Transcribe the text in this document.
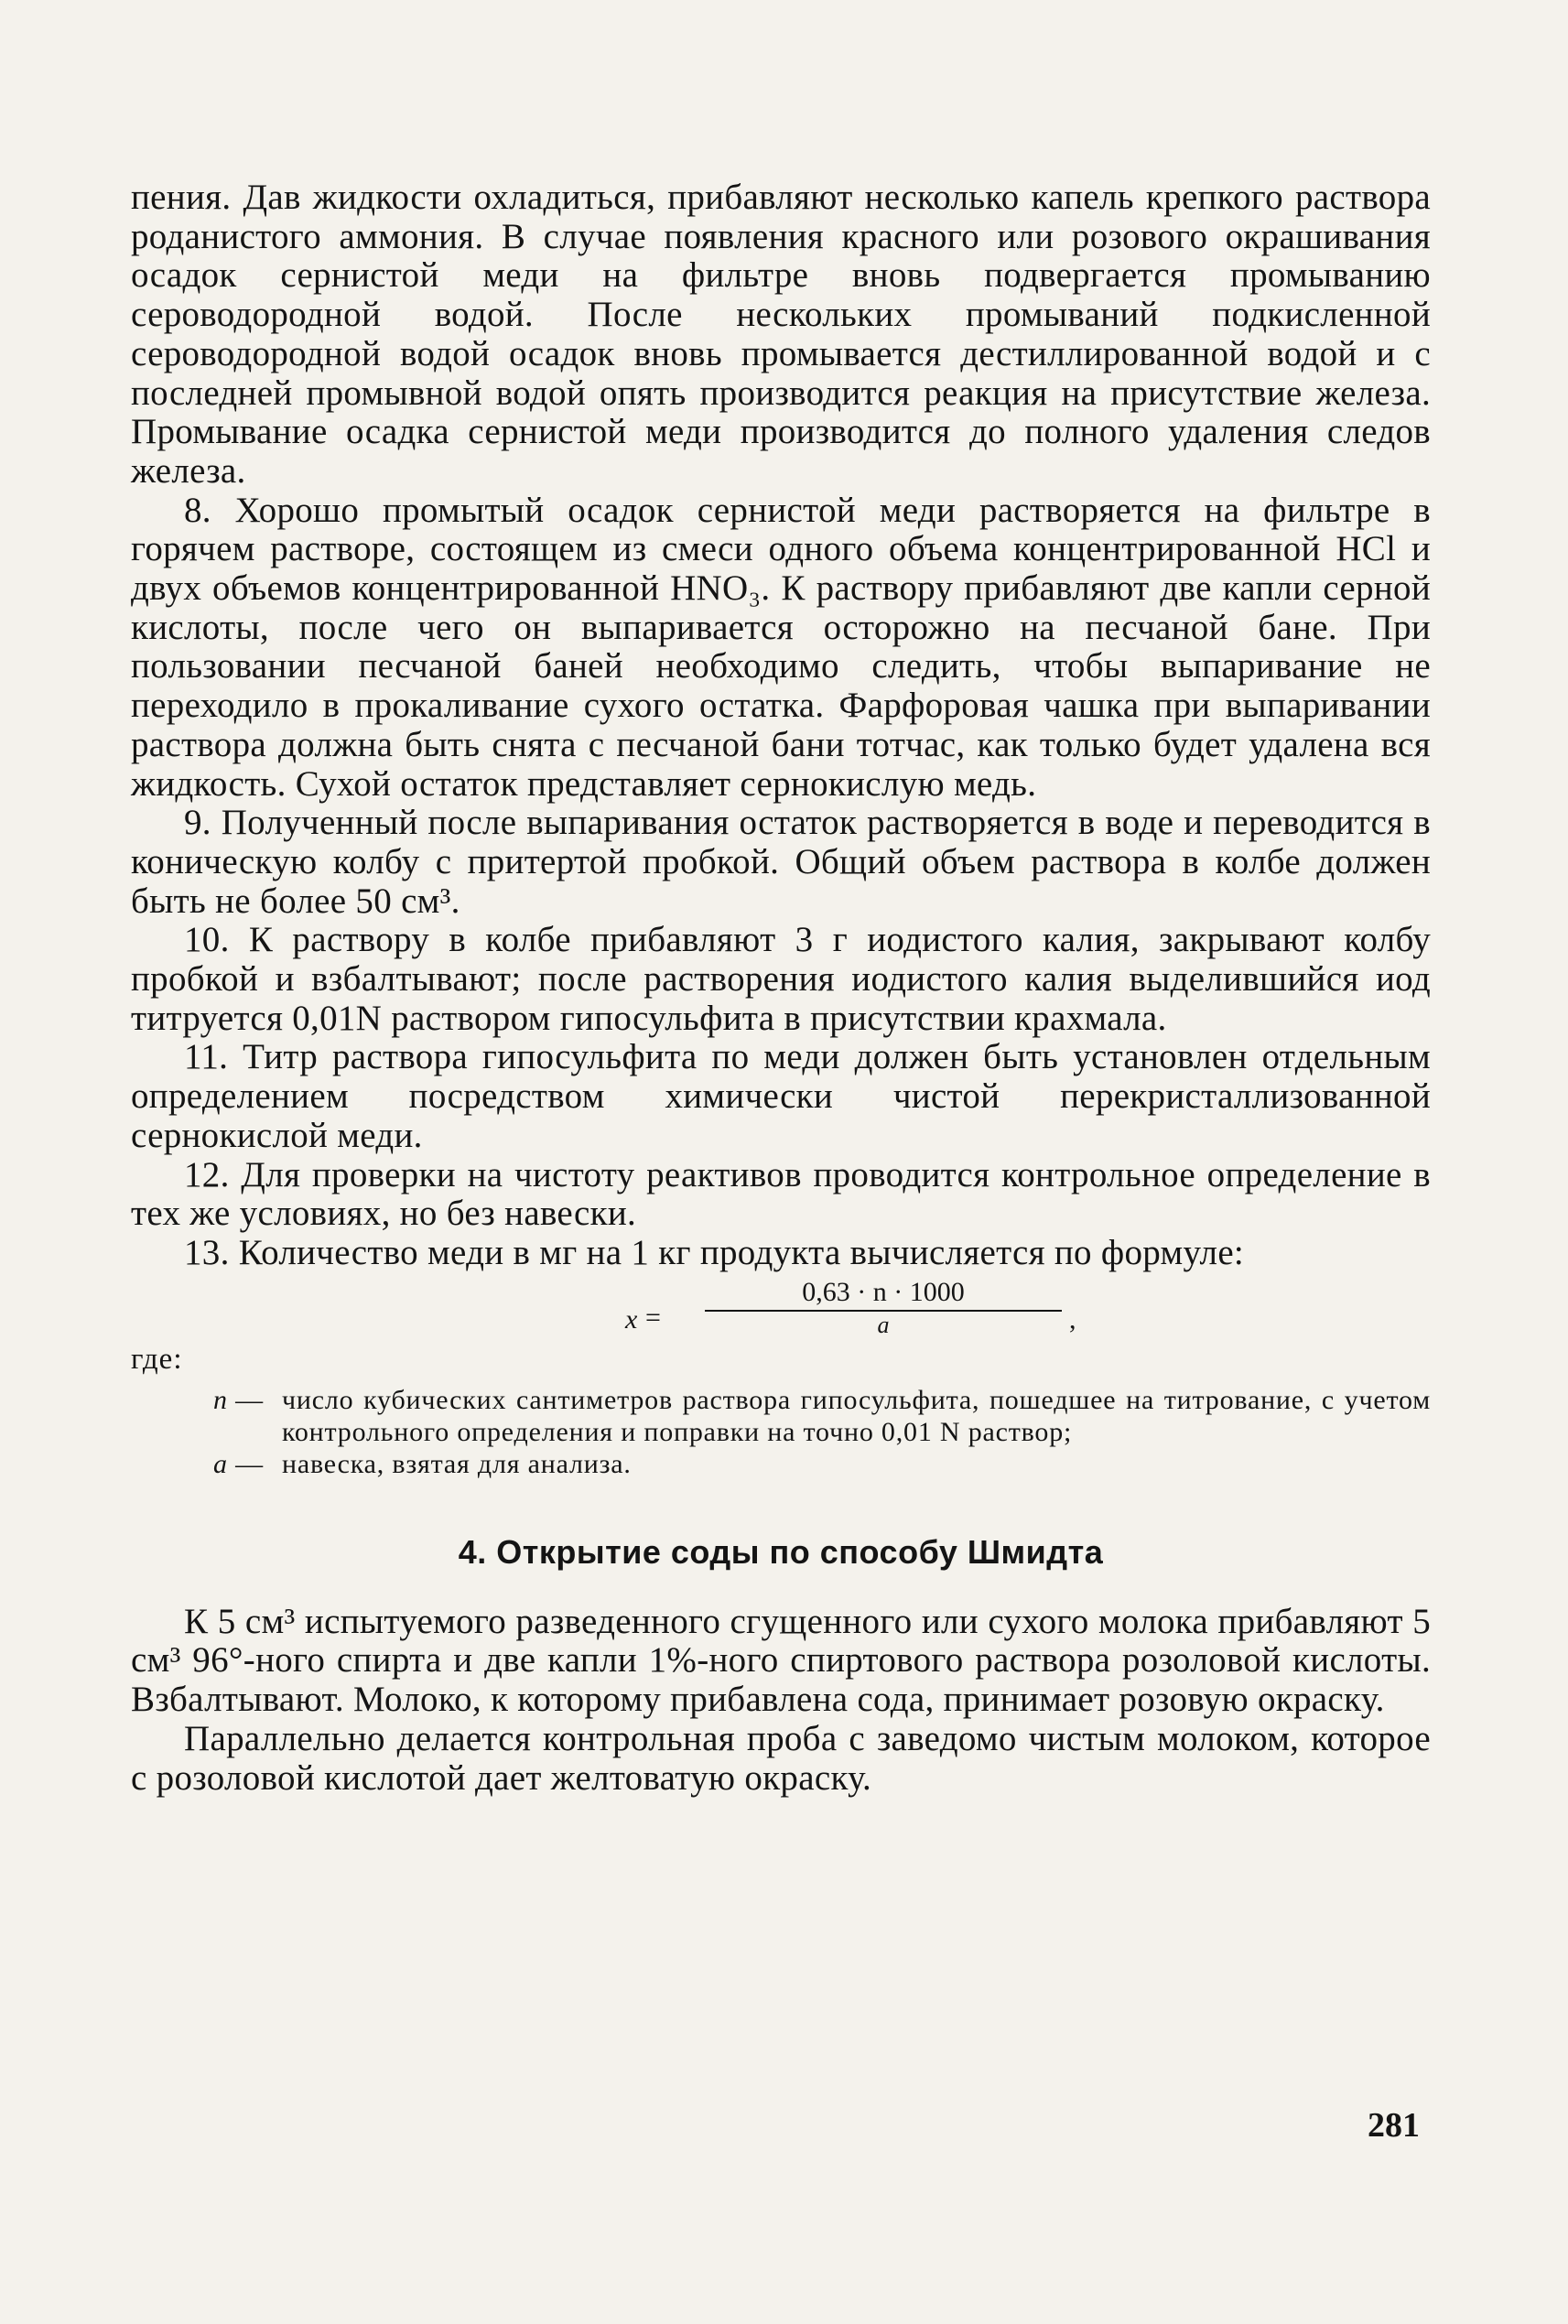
пения. Дав жидкости охладиться, прибавляют несколько капель крепкого раствора роданистого аммония. В случае появления красного или розового окрашивания осадок сернистой меди на фильтре вновь подвергается промыванию сероводородной водой. После нескольких промываний подкисленной сероводородной водой осадок вновь промывается дестиллированной водой и с последней промывной водой опять производится реакция на присутствие железа. Промывание осадка сернистой меди производится до полного удаления следов железа.

8. Хорошо промытый осадок сернистой меди растворяется на фильтре в горячем растворе, состоящем из смеси одного объема концентрированной HCl и двух объемов концентрированной HNO₃. К раствору прибавляют две капли серной кислоты, после чего он выпаривается осторожно на песчаной бане. При пользовании песчаной баней необходимо следить, чтобы выпаривание не переходило в прокаливание сухого остатка. Фарфоровая чашка при выпаривании раствора должна быть снята с песчаной бани тотчас, как только будет удалена вся жидкость. Сухой остаток представляет сернокислую медь.

9. Полученный после выпаривания остаток растворяется в воде и переводится в коническую колбу с притертой пробкой. Общий объем раствора в колбе должен быть не более 50 см³.

10. К раствору в колбе прибавляют 3 г иодистого калия, закрывают колбу пробкой и взбалтывают; после растворения иодистого калия выделившийся иод титруется 0,01N раствором гипосульфита в присутствии крахмала.

11. Титр раствора гипосульфита по меди должен быть установлен отдельным определением посредством химически чистой перекристаллизованной сернокислой меди.

12. Для проверки на чистоту реактивов проводится контрольное определение в тех же условиях, но без навески.

13. Количество меди в мг на 1 кг продукта вычисляется по формуле:

x =
0,63 · n · 1000
a	,
где:
n — число кубических сантиметров раствора гипосульфита, пошедшее на титрование, с учетом контрольного определения и поправки на точно 0,01 N раствор;
a — навеска, взятая для анализа.
4. Открытие соды по способу Шмидта

К 5 см³ испытуемого разведенного сгущенного или сухого молока прибавляют 5 см³ 96°-ного спирта и две капли 1%-ного спиртового раствора розоловой кислоты. Взбалтывают. Молоко, к которому прибавлена сода, принимает розовую окраску.

Параллельно делается контрольная проба с заведомо чистым молоком, которое с розоловой кислотой дает желтоватую окраску.

281
